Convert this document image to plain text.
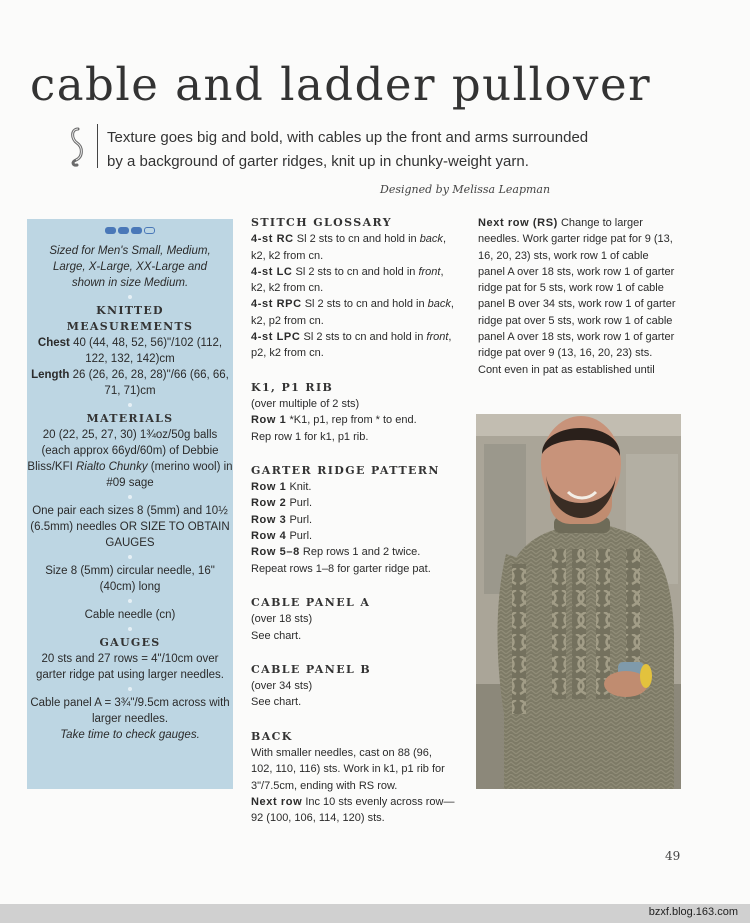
cable and ladder pullover
Texture goes big and bold, with cables up the front and arms surrounded
by a background of garter ridges, knit up in chunky-weight yarn.
Designed by Melissa Leapman

Sized for Men's Small, Medium, Large, X-Large, XX-Large and shown in size Medium.

KNITTED
MEASUREMENTS

Chest 40 (44, 48, 52, 56)"/102 (112, 122, 132, 142)cm

Length 26 (26, 26, 28, 28)"/66 (66, 66, 71, 71)cm

MATERIALS

20 (22, 25, 27, 30) 1¾oz/50g balls (each approx 66yd/60m) of Debbie Bliss/KFI Rialto Chunky (merino wool) in #09 sage

One pair each sizes 8 (5mm) and 10½ (6.5mm) needles OR SIZE TO OBTAIN GAUGES

Size 8 (5mm) circular needle, 16" (40cm) long

Cable needle (cn)

GAUGES

20 sts and 27 rows = 4"/10cm over garter ridge pat using larger needles.

Cable panel A = 3¾"/9.5cm across with larger needles.

Take time to check gauges.

STITCH GLOSSARY
4-st RC Sl 2 sts to cn and hold in back, k2, k2 from cn.
4-st LC Sl 2 sts to cn and hold in front, k2, k2 from cn.
4-st RPC Sl 2 sts to cn and hold in back, k2, p2 from cn.
4-st LPC Sl 2 sts to cn and hold in front, p2, k2 from cn.
K1, P1 RIB
(over multiple of 2 sts)
Row 1 *K1, p1, rep from * to end.
Rep row 1 for k1, p1 rib.
GARTER RIDGE PATTERN
Row 1 Knit.
Row 2 Purl.
Row 3 Purl.
Row 4 Purl.
Row 5–8 Rep rows 1 and 2 twice.
Repeat rows 1–8 for garter ridge pat.
CABLE PANEL A
(over 18 sts)
See chart.
CABLE PANEL B
(over 34 sts)
See chart.
BACK
With smaller needles, cast on 88 (96, 102, 110, 116) sts. Work in k1, p1 rib for 3"/7.5cm, ending with RS row.
Next row Inc 10 sts evenly across row—92 (100, 106, 114, 120) sts.
Next row (RS) Change to larger needles. Work garter ridge pat for 9 (13, 16, 20, 23) sts, work row 1 of cable panel A over 18 sts, work row 1 of garter ridge pat for 5 sts, work row 1 of cable panel B over 34 sts, work row 1 of garter ridge pat over 5 sts, work row 1 of cable panel A over 18 sts, work row 1 of garter ridge pat over 9 (13, 16, 20, 23) sts. Cont even in pat as established until
49
bzxf.blog.163.com
